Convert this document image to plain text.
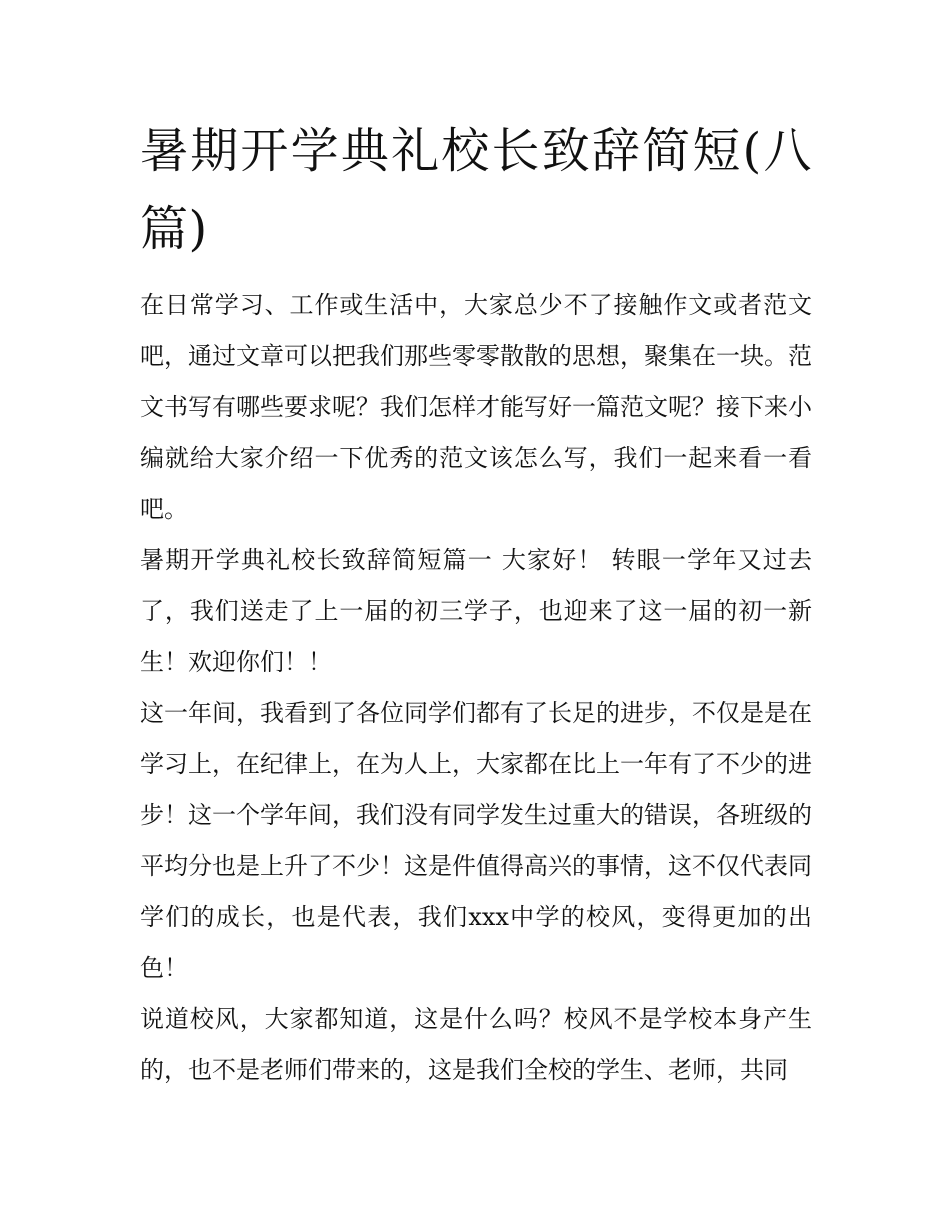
暑期开学典礼校长致辞简短(八篇)

在日常学习、工作或生活中，大家总少不了接触作文或者范文吧，通过文章可以把我们那些零零散散的思想，聚集在一块。范文书写有哪些要求呢？我们怎样才能写好一篇范文呢？接下来小编就给大家介绍一下优秀的范文该怎么写，我们一起来看一看吧。

暑期开学典礼校长致辞简短篇一 大家好！ 转眼一学年又过去了，我们送走了上一届的初三学子，也迎来了这一届的初一新生！欢迎你们！！

这一年间，我看到了各位同学们都有了长足的进步，不仅是是在学习上，在纪律上，在为人上，大家都在比上一年有了不少的进步！这一个学年间，我们没有同学发生过重大的错误，各班级的平均分也是上升了不少！这是件值得高兴的事情，这不仅代表同学们的成长，也是代表，我们xxx中学的校风，变得更加的出色！

说道校风，大家都知道，这是什么吗？校风不是学校本身产生的，也不是老师们带来的，这是我们全校的学生、老师，共同
